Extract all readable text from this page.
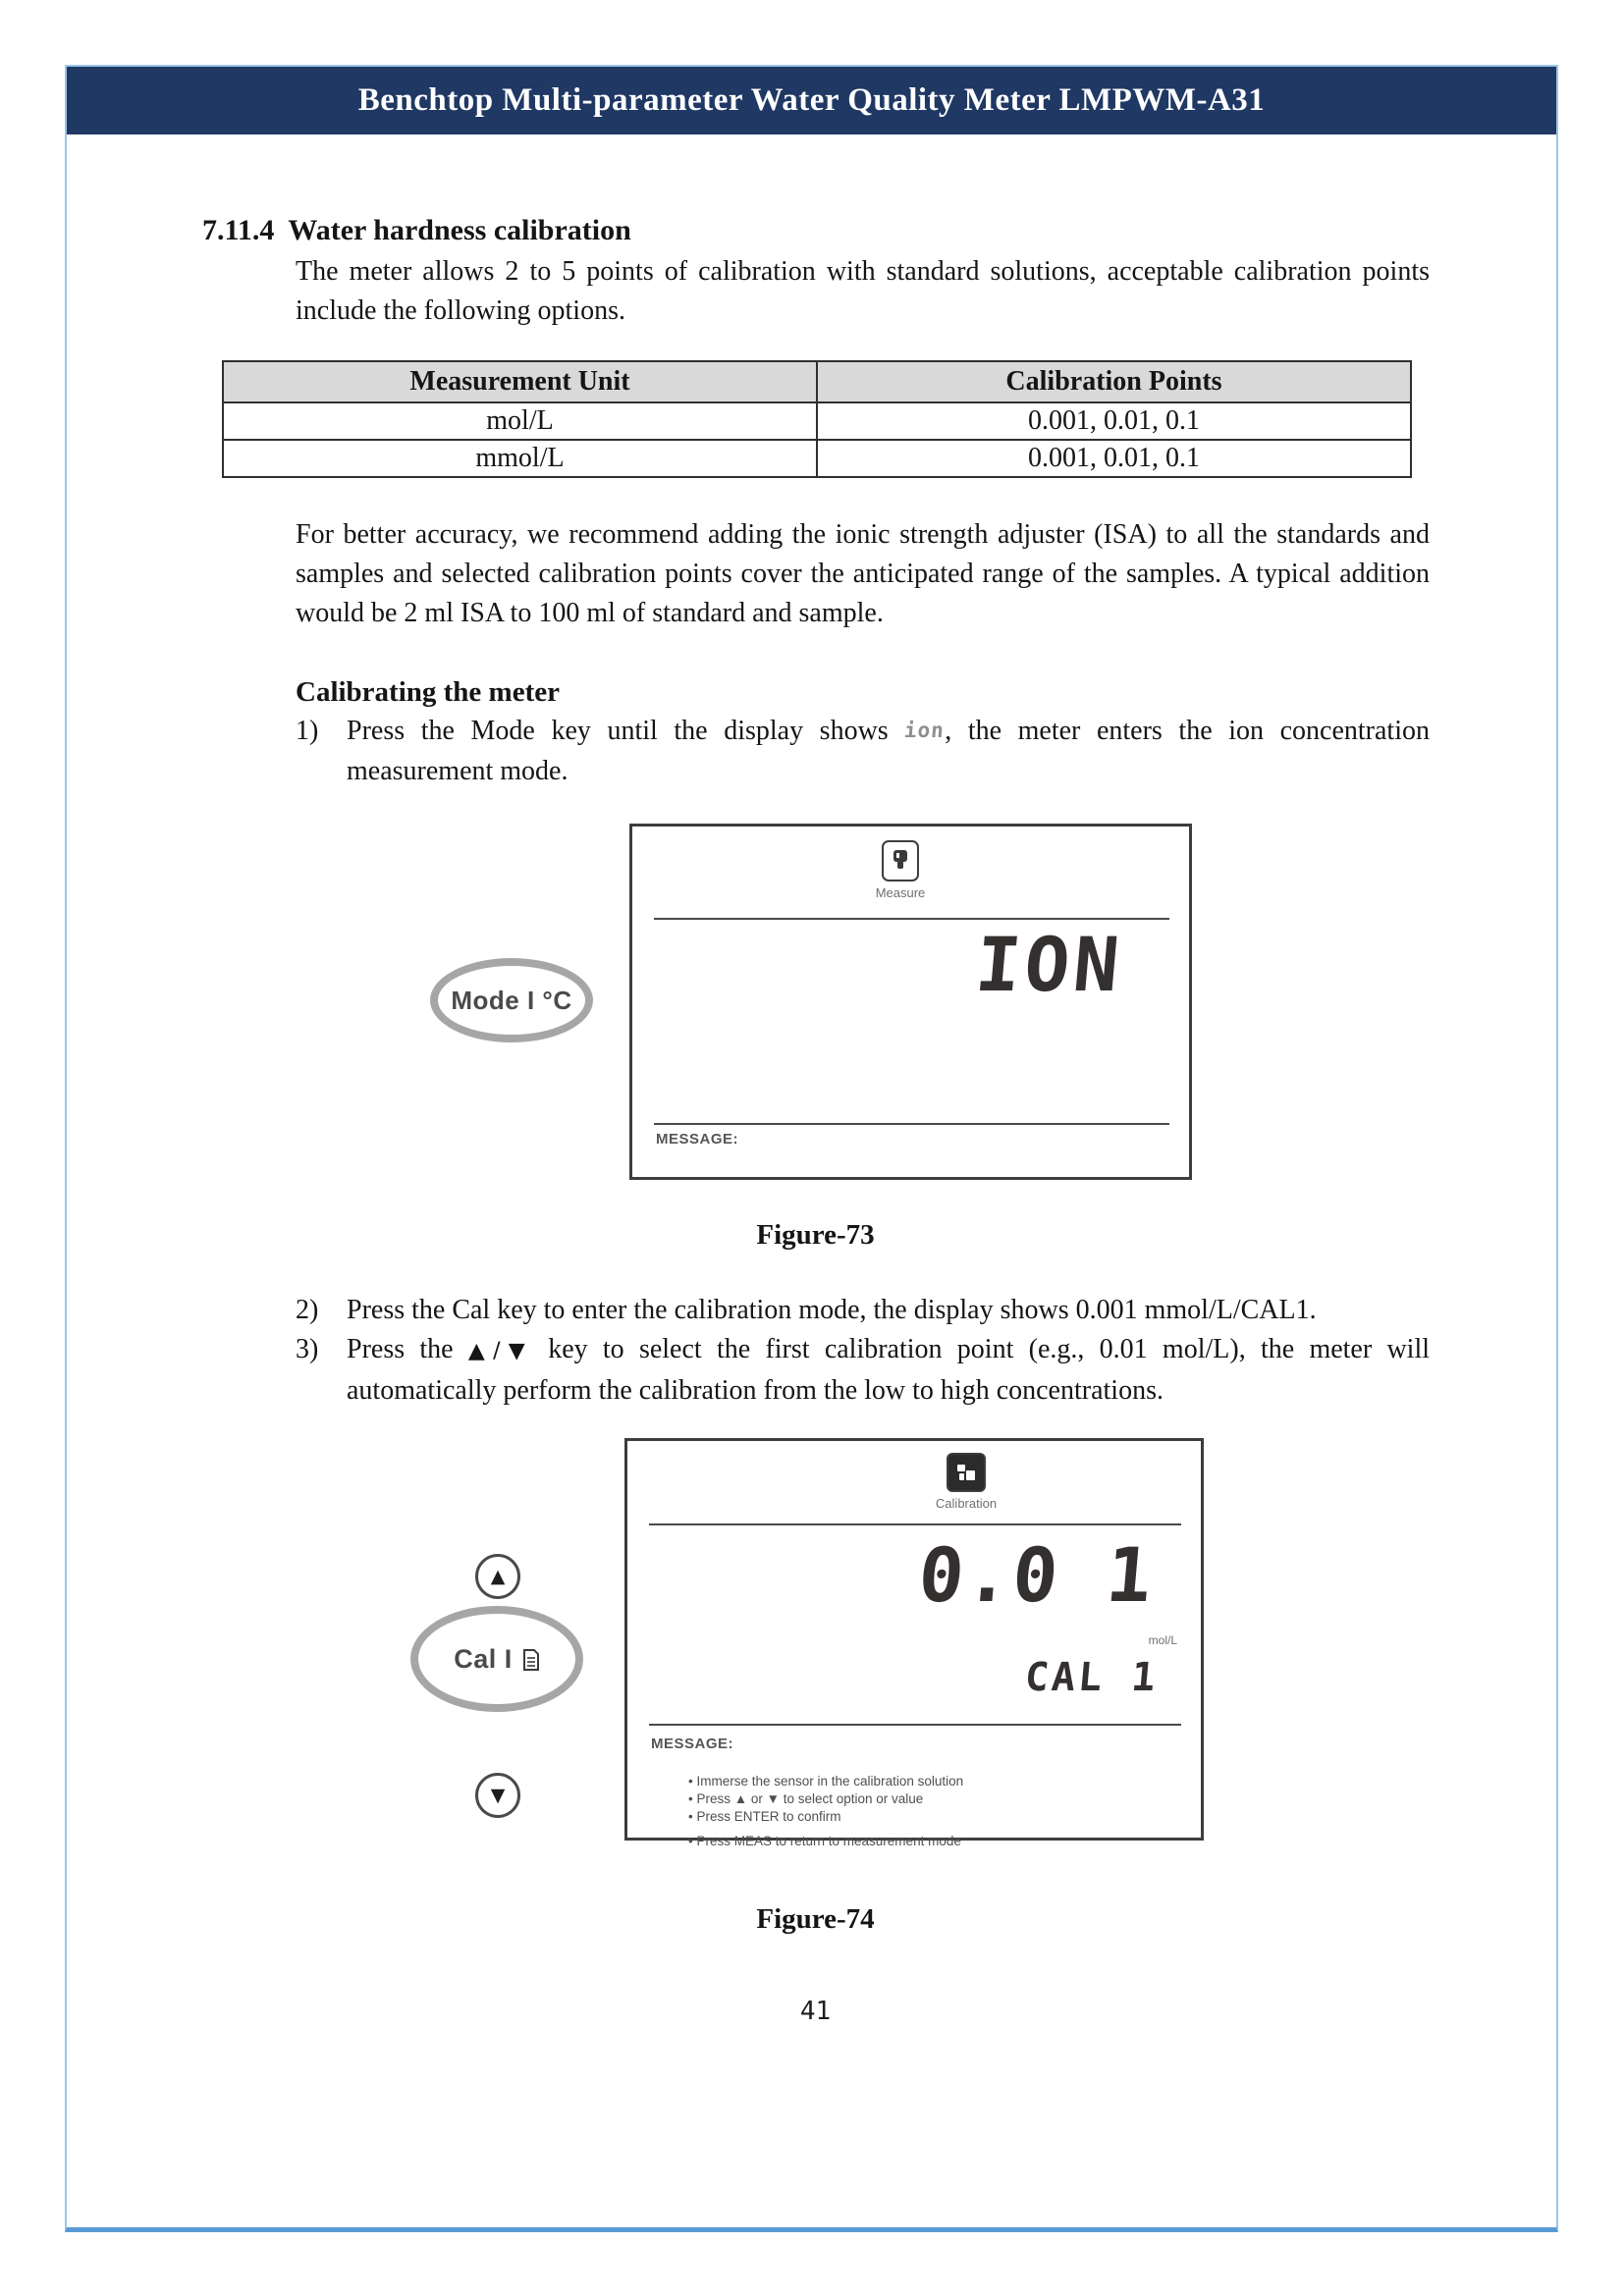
Benchtop Multi-parameter Water Quality Meter LMPWM-A31
7.11.4 Water hardness calibration

The meter allows 2 to 5 points of calibration with standard solutions, acceptable calibration points include the following options.

Measurement Unit	Calibration Points
mol/L	0.001, 0.01, 0.1
mmol/L	0.001, 0.01, 0.1

For better accuracy, we recommend adding the ionic strength adjuster (ISA) to all the standards and samples and selected calibration points cover the anticipated range of the samples. A typical addition would be 2 ml ISA to 100 ml of standard and sample.

Calibrating the meter
1)	Press the Mode key until the display shows ion, the meter enters the ion concentration measurement mode.

Mode I °C
Measure
ION
MESSAGE:
Figure-73
2)	Press the Cal key to enter the calibration mode, the display shows 0.001 mmol/L/CAL1.

3)	Press the ▲/▼ key to select the first calibration point (e.g., 0.01 mol/L), the meter will automatically perform the calibration from the low to high concentrations.

▲
Cal I
▼
Calibration
0.0 1
mol/L
CAL 1
MESSAGE:
• Immerse the sensor in the calibration solution
• Press ▲ or ▼ to select option or value
• Press ENTER to confirm
• Press MEAS to return to measurement mode
Figure-74
41
